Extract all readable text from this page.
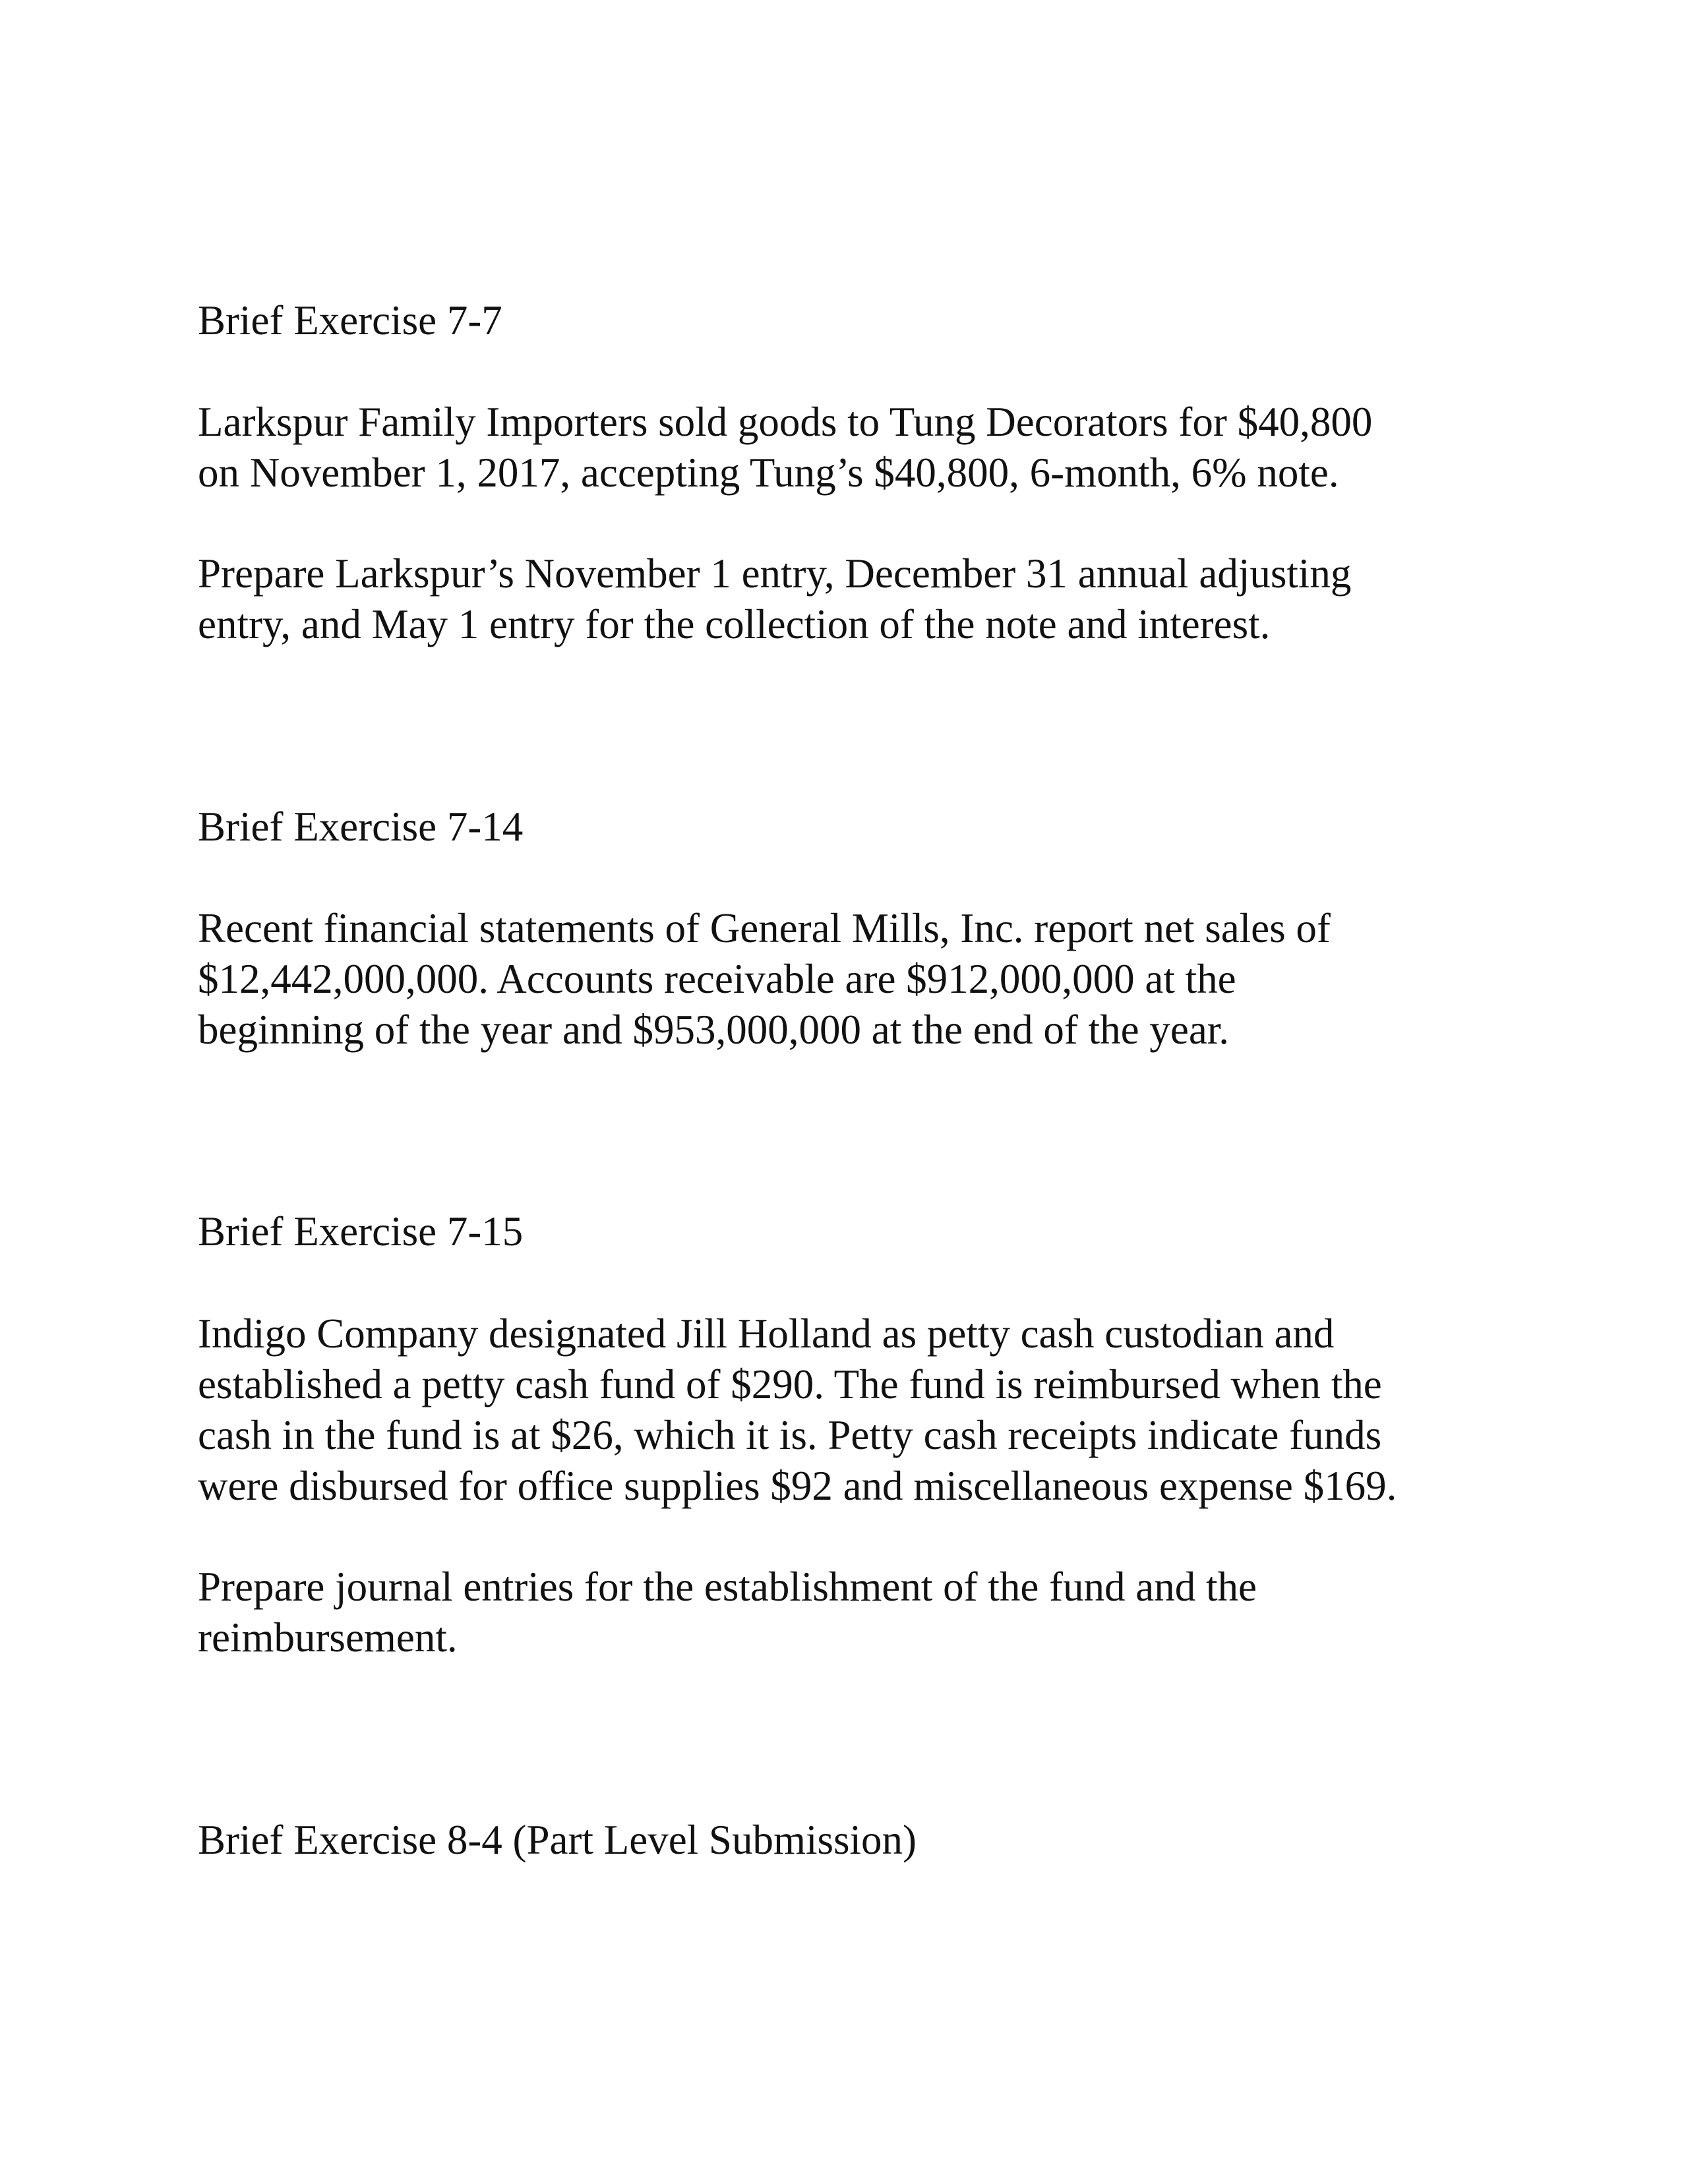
Brief Exercise 7-7

Larkspur Family Importers sold goods to Tung Decorators for $40,800
on November 1, 2017, accepting Tung’s $40,800, 6-month, 6% note.

Prepare Larkspur’s November 1 entry, December 31 annual adjusting
entry, and May 1 entry for the collection of the note and interest.

Brief Exercise 7-14

Recent financial statements of General Mills, Inc. report net sales of
$12,442,000,000. Accounts receivable are $912,000,000 at the
beginning of the year and $953,000,000 at the end of the year.

Brief Exercise 7-15

Indigo Company designated Jill Holland as petty cash custodian and
established a petty cash fund of $290. The fund is reimbursed when the
cash in the fund is at $26, which it is. Petty cash receipts indicate funds
were disbursed for office supplies $92 and miscellaneous expense $169.

Prepare journal entries for the establishment of the fund and the
reimbursement.

Brief Exercise 8-4 (Part Level Submission)
